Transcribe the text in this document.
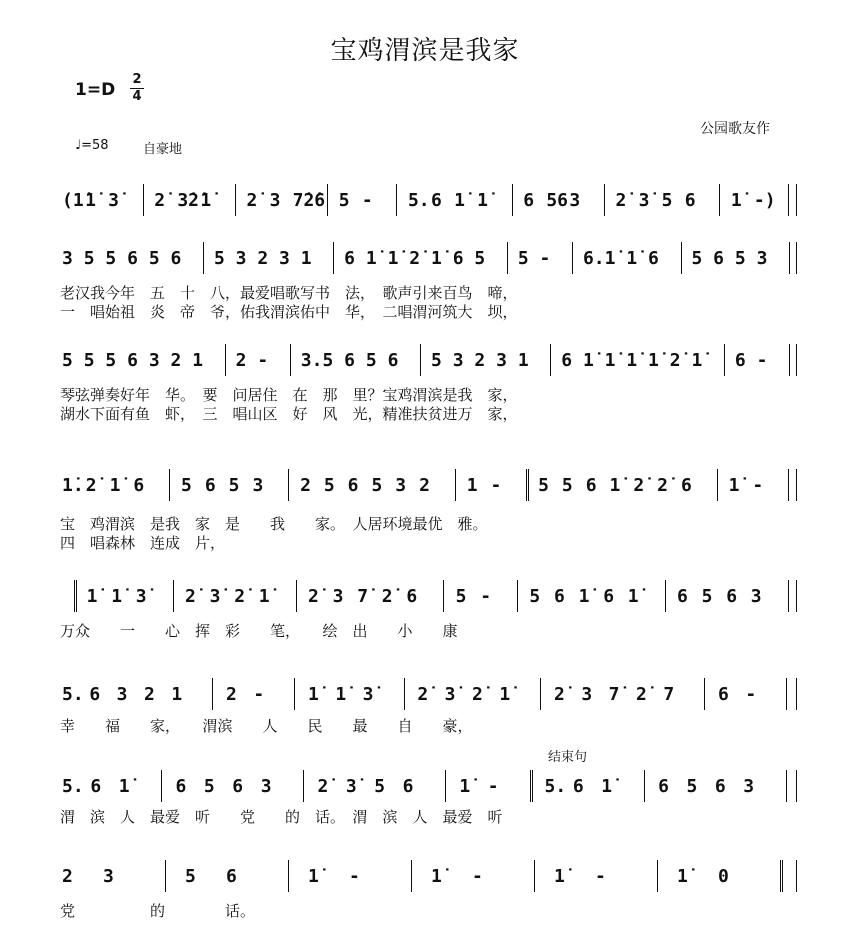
宝鸡渭滨是我家
1=D
2
4
公园歌友作
♩=58	自豪地
结束句
(1̇ 1̇ 3̇ 2̇ 3̇2̇ 1̇ 2̇ 3 7̇2̇6 5 - 5. 6 1̇ 1̇ 6 56 3 2̇ 3̇ 5 6 1̇ -)
3 5 5 6 5 6 5 3 2 3 1 6 1̇ 1̇ 2̇ 1̇ 6 5 5 - 6. 1̇ 1̇ 6 5 6 5 3
老汉我今年　五　十　八，最爱唱歌写书　法，　歌声引来百鸟　啼，
一　唱始祖　炎　帝　爷，佑我渭滨佑中　华，　二唱渭河筑大　坝，
5 5 5 6 3 2 1 2 - 3. 5 6 5 6 5 3 2 3 1 6 1̇ 1̇ 1̇ 1̇ 2̇ 1̇ 6 -
琴弦弹奏好年　华。　要　问居住　在　那　里？宝鸡渭滨是我　家，
湖水下面有鱼　虾，　三　唱山区　好　风　光，精准扶贫进万　家，
1̇. 2̇ 1̇ 6 5 6 5 3 2 5 6 5 3 2 1 - 5 5 6 1̇ 2̇ 2̇ 6 1̇ -
宝　鸡渭滨　是我　家　是　　我　　家。　人居环境最优　雅。
四　唱森林　连成　片，
1̇ 1̇ 3̇ 2̇ 3̇ 2̇ 1̇ 2̇ 3 7̇ 2̇ 6 5 - 5 6 1̇ 6 1̇ 6 5 6 3
万众　　一　　心　挥　彩　　笔，　　绘　出　　小　　康
5. 6 3 2 1 2 - 1̇ 1̇ 3̇ 2̇ 3̇ 2̇ 1̇ 2̇ 3 7̇ 2̇ 7 6 -
幸　　福　　家，　　渭滨　　人　　民　　最　　自　　豪，
5. 6 1̇	6 5 6 3	2̇ 3̇ 5 6	1̇ -	5. 6 1̇	6 5 6 3
渭　滨　人　最爱　听　　党　　的　话。　渭　滨　人　最爱　听
2 3	5 6	1̇ -	1̇ -	1̇ -	1̇ 0
党　　　　　的　　　　话。
